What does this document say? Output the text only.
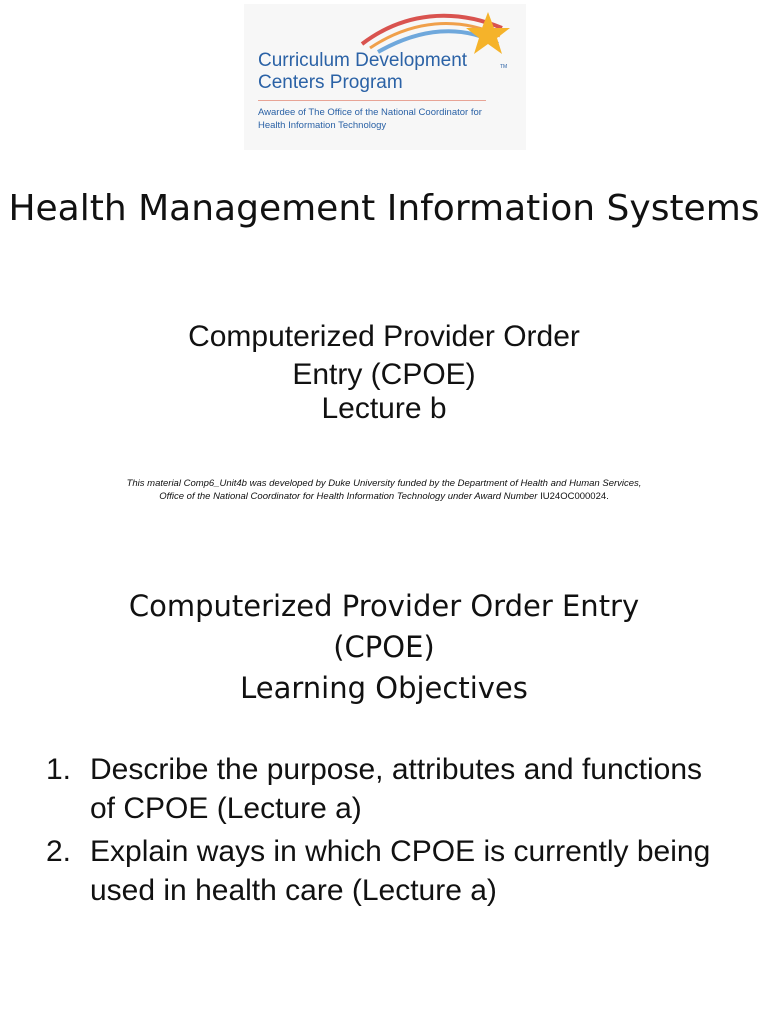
Curriculum Development
Centers Program
TM
Awardee of The Office of the National Coordinator for
Health Information Technology
Health Management Information Systems
Computerized Provider Order
Entry (CPOE)
Lecture b
This material Comp6_Unit4b was developed by Duke University funded by the Department of Health and Human Services,
Office of the National Coordinator for Health Information Technology under Award Number IU24OC000024.
Computerized Provider Order Entry
(CPOE)
Learning Objectives
1. Describe the purpose, attributes and functions of CPOE (Lecture a)
2. Explain ways in which CPOE is currently being used in health care (Lecture a)
